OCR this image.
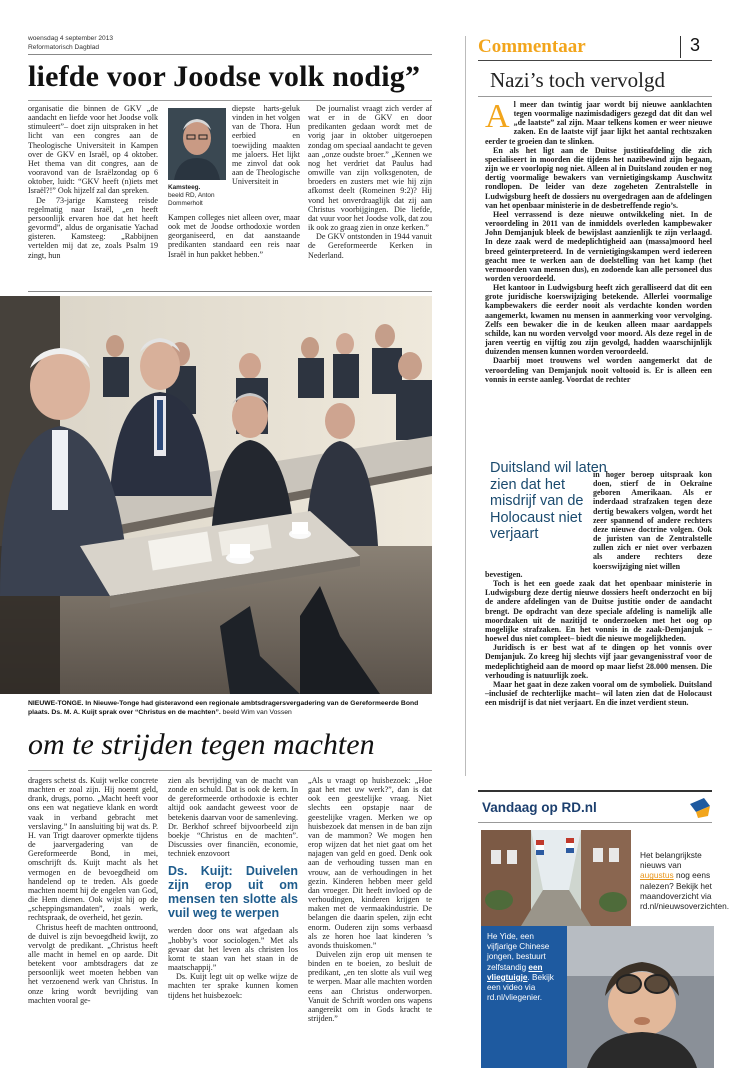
woensdag 4 september 2013
Reformatorisch Dagblad	Commentaar	3
liefde voor Joodse volk nodig”

organisatie die binnen de GKV „de aandacht en liefde voor het Joodse volk stimuleert”– doet zijn uitspraken in het licht van een congres aan de Theologische Universiteit in Kampen over de GKV en Israël, op 4 oktober. Het thema van dit congres, aan de vooravond van de Israëlzondag op 6 oktober, luidt: “GKV heeft (n)iets met Israël?!” Ook hijzelf zal dan spreken.

De 73-jarige Kamsteeg reisde regelmatig naar Israël, „en heeft persoonlijk ervaren hoe dat het heeft gevormd”, aldus de organisatie Yachad gisteren. Kamsteeg: „Rabbijnen vertelden mij dat ze, zoals Psalm 19 zingt, hun

Kamsteeg.
beeld RD, Anton Dommerholt
diepste harts-geluk vinden in het volgen van de Thora. Hun eerbied en toewijding maakten me jaloers. Het lijkt me zinvol dat ook aan de Theologische Universiteit in
Kampen colleges niet alleen over, maar ook met de Joodse orthodoxie worden georganiseerd, en dat aanstaande predikanten standaard een reis naar Israël in hun pakket hebben.”

De journalist vraagt zich verder af wat er in de GKV en door predikanten gedaan wordt met de vorig jaar in oktober uitgeroepen zondag om speciaal aandacht te geven aan „onze oudste broer.” „Kennen we nog het verdriet dat Paulus had omwille van zijn volksgenoten, de broeders en zusters met wie hij zijn afkomst deelt (Romeinen 9:2)? Hij vond het onverdraaglijk dat zij aan Christus voorbijgingen. Die liefde, dat vuur voor het Joodse volk, dat zou ik ook zo graag zien in onze kerken.”

De GKV ontstonden in 1944 vanuit de Gereformeerde Kerken in Nederland.

NIEUWE-TONGE. In Nieuwe-Tonge had gisteravond een regionale ambtsdragersvergadering van de Gereformeerde Bond plaats. Ds. M. A. Kuijt sprak over “Christus en de machten”. beeld Wim van Vossen
om te strijden tegen machten

dragers schetst ds. Kuijt welke concrete machten er zoal zijn. Hij noemt geld, drank, drugs, porno. „Macht heeft voor ons een wat negatieve klank en wordt vaak in verband gebracht met verslaving.” In aansluiting bij wat ds. P. H. van Trigt daarover opmerkte tijdens de jaarvergadering van de Gereformeerde Bond, in mei, omschrijft ds. Kuijt macht als het vermogen en de bevoegdheid om handelend op te treden. Als goede machten noemt hij de engelen van God, die Hem dienen. Ook wijst hij op de „scheppingsmandaten”, zoals werk, rechtspraak, de overheid, het gezin.

Christus heeft de machten onttroond, de duivel is zijn bevoegdheid kwijt, zo vervolgt de predikant. „Christus heeft alle macht in hemel en op aarde. Dit betekent voor ambtsdragers dat ze persoonlijk weet moeten hebben van het verzoenend werk van Christus. In onze kring wordt bevrijding van machten vooral ge-

zien als bevrijding van de macht van zonde en schuld. Dat is ook de kern. In de gereformeerde orthodoxie is echter altijd ook aandacht geweest voor de betekenis daarvan voor de samenleving. Dr. Berkhof schreef bijvoorbeeld zijn boekje “Christus en de machten”. Discussies over financiën, economie, techniek enzovoort

Ds. Kuijt: Duivelen zijn erop uit om mensen ten slotte als vuil weg te werpen

werden door ons wat afgedaan als „hobby’s voor sociologen.” Met als gevaar dat het leven als christen los komt te staan van het staan in de maatschappij.”

Ds. Kuijt legt uit op welke wijze de machten ter sprake kunnen komen tijdens het huisbezoek:

„Als u vraagt op huisbezoek: „Hoe gaat het met uw werk?”, dan is dat ook een geestelijke vraag. Niet slechts een opstapje naar de geestelijke vragen. Merken we op huisbezoek dat mensen in de ban zijn van de mammon? We mogen hen erop wijzen dat het niet gaat om het najagen van geld en goed. Denk ook aan de verhouding tussen man en vrouw, aan de verhoudingen in het gezin. Kinderen hebben meer geld dan vroeger. Dit heeft invloed op de verhoudingen, kinderen krijgen te maken met de vermaakindustrie. De belangen die daarin spelen, zijn echt enorm. Ouderen zijn soms verbaasd als ze horen hoe laat kinderen ’s avonds thuiskomen.”

Duivelen zijn erop uit mensen te binden en te boeien, zo besluit de predikant, „en ten slotte als vuil weg te werpen. Maar alle machten worden eens aan Christus onderworpen. Vanuit de Schrift worden ons wapens aangereikt om in Gods kracht te strijden.”

Nazi’s toch vervolgd

Al meer dan twintig jaar wordt bij nieuwe aanklachten tegen voormalige nazimisdadigers gezegd dat dit dan wel „de laatste” zal zijn. Maar telkens komen er weer nieuwe zaken. En de laatste vijf jaar lijkt het aantal rechtszaken eerder te groeien dan te slinken.

En als het ligt aan de Duitse justitieafdeling die zich specialiseert in moorden die tijdens het nazibewind zijn begaan, zijn we er voorlopig nog niet. Alleen al in Duitsland zouden er nog dertig voormalige bewakers van vernietigingskamp Auschwitz rondlopen. De leider van deze zogeheten Zentralstelle in Ludwigsburg heeft de dossiers nu overgedragen aan de afdelingen van het openbaar ministerie in de desbetreffende regio’s.

Heel verrassend is deze nieuwe ontwikkeling niet. In de veroordeling in 2011 van de inmiddels overleden kampbewaker John Demjanjuk bleek de bewijslast aanzienlijk te zijn verlaagd. In deze zaak werd de medeplichtigheid aan (massa)moord heel breed geïnterpreteerd. In de vernietigingskampen werd iedereen geacht mee te werken aan de doelstelling van het kamp (het vermoorden van mensen dus), en zodoende kan alle personeel dus worden veroordeeld.

Het kantoor in Ludwigsburg heeft zich geralliseerd dat dit een grote juridische koerswijziging betekende. Allerlei voormalige kampbewakers die eerder nooit als verdachte konden worden aangemerkt, kwamen nu mensen in aanmerking voor vervolging. Zelfs een bewaker die in de keuken alleen maar aardappels schilde, kan nu worden vervolgd voor moord. Als deze regel in de jaren veertig en vijftig zou zijn gevolgd, hadden waarschijnlijk duizenden mensen kunnen worden veroordeeld.

Daarbij moet trouwens wel worden aangemerkt dat de veroordeling van Demjanjuk nooit voltooid is. Er is alleen een vonnis in eerste aanleg. Voordat de rechter

Duitsland wil laten zien dat het misdrijf van de Holocaust niet verjaart
in hoger beroep uitspraak kon doen, stierf de in Oekraïne geboren Amerikaan. Als er inderdaad strafzaken tegen deze dertig bewakers volgen, wordt het zeer spannend of andere rechters deze nieuwe doctrine volgen. Ook de juristen van de Zentralstelle zullen zich er niet over verbazen als andere rechters deze koerswijziging niet willen

bevestigen.

Toch is het een goede zaak dat het openbaar ministerie in Ludwigsburg deze dertig nieuwe dossiers heeft onderzocht en bij de andere afdelingen van de Duitse justitie onder de aandacht brengt. De opdracht van deze speciale afdeling is namelijk alle moordzaken uit de nazitijd te onderzoeken met het oog op mogelijke strafzaken. En het vonnis in de zaak-Demjanjuk –hoewel dus niet compleet– biedt die nieuwe mogelijkheden.

Juridisch is er best wat af te dingen op het vonnis over Demjanjuk. Zo kreeg hij slechts vijf jaar gevangenisstraf voor de medeplichtigheid aan de moord op maar liefst 28.000 mensen. Die verhouding is natuurlijk zoek.

Maar het gaat in deze zaken vooral om de symboliek. Duitsland –inclusief de rechterlijke macht– wil laten zien dat de Holocaust een misdrijf is dat niet verjaart. En die inzet verdient steun.

Vandaag op RD.nl
Het belangrijkste nieuws van augustus nog eens nalezen? Bekijk het maandoverzicht via rd.nl/nieuwsoverzichten.
He Yide, een vijfjarige Chinese jongen, bestuurt zelfstandig een vliegtuigje. Bekijk een video via rd.nl/vliegenier.
